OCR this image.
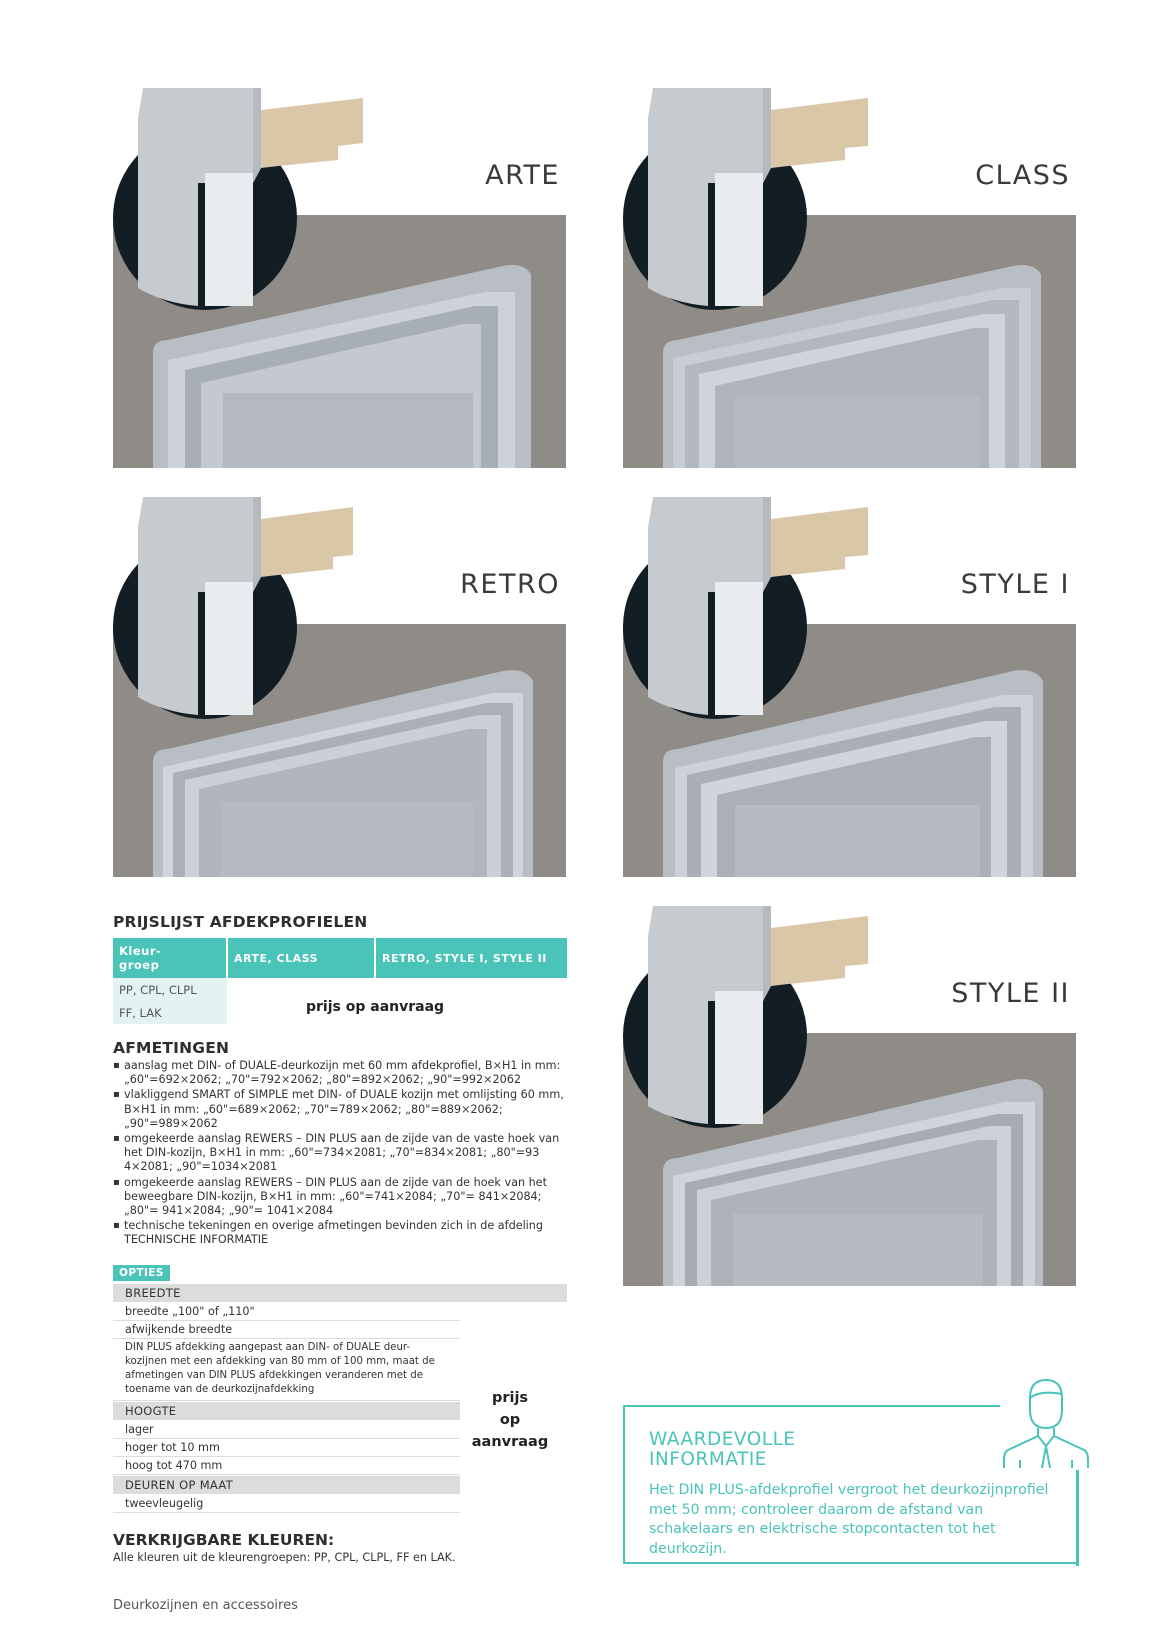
ARTE	CLASS
RETRO	STYLE I
STYLE II
PRIJSLIJST AFDEKPROFIELEN
Kleur-
groep	ARTE, CLASS	RETRO, STYLE I, STYLE II
PP, CPL, CLPL		
FF, LAK			prijs op aanvraag
AFMETINGEN
▪ aanslag met DIN- of DUALE-deurkozijn met 60 mm afdekprofiel, B×H1 in mm: „60"=692×2062; „70"=792×2062; „80"=892×2062; „90"=992×2062
▪ vlakliggend SMART of SIMPLE met DIN- of DUALE kozijn met omlijsting 60 mm, B×H1 in mm: „60"=689×2062; „70"=789×2062; „80"=889×2062; „90"=989×2062
▪ omgekeerde aanslag REWERS – DIN PLUS aan de zijde van de vaste hoek van het DIN-kozijn, B×H1 in mm: „60"=734×2081; „70"=834×2081; „80"=93 4×2081; „90"=1034×2081
▪ omgekeerde aanslag REWERS – DIN PLUS aan de zijde van de hoek van het beweegbare DIN-kozijn, B×H1 in mm: „60"=741×2084; „70"= 841×2084; „80"= 941×2084; „90"= 1041×2084
▪ technische tekeningen en overige afmetingen bevinden zich in de afdeling TECHNISCHE INFORMATIE
OPTIES
BREEDTE
breedte „100" of „110"
afwijkende breedte
DIN PLUS afdekking aangepast aan DIN- of DUALE deur-kozijnen met een afdekking van 80 mm of 100 mm, maat de afmetingen van DIN PLUS afdekkingen veranderen met de toename van de deurkozijnafdekking
HOOGTE
lager
hoger tot 10 mm
hoog tot 470 mm
DEUREN OP MAAT
tweevleugelig
prijs
op
aanvraag
VERKRIJGBARE KLEUREN:
Alle kleuren uit de kleurengroepen: PP, CPL, CLPL, FF en LAK.
Deurkozijnen en accessoires
WAARDEVOLLE INFORMATIE
Het DIN PLUS-afdekprofiel vergroot het deurkozijnprofiel met 50 mm; controleer daarom de afstand van schakelaars en elektrische stopcontacten tot het deurkozijn.
